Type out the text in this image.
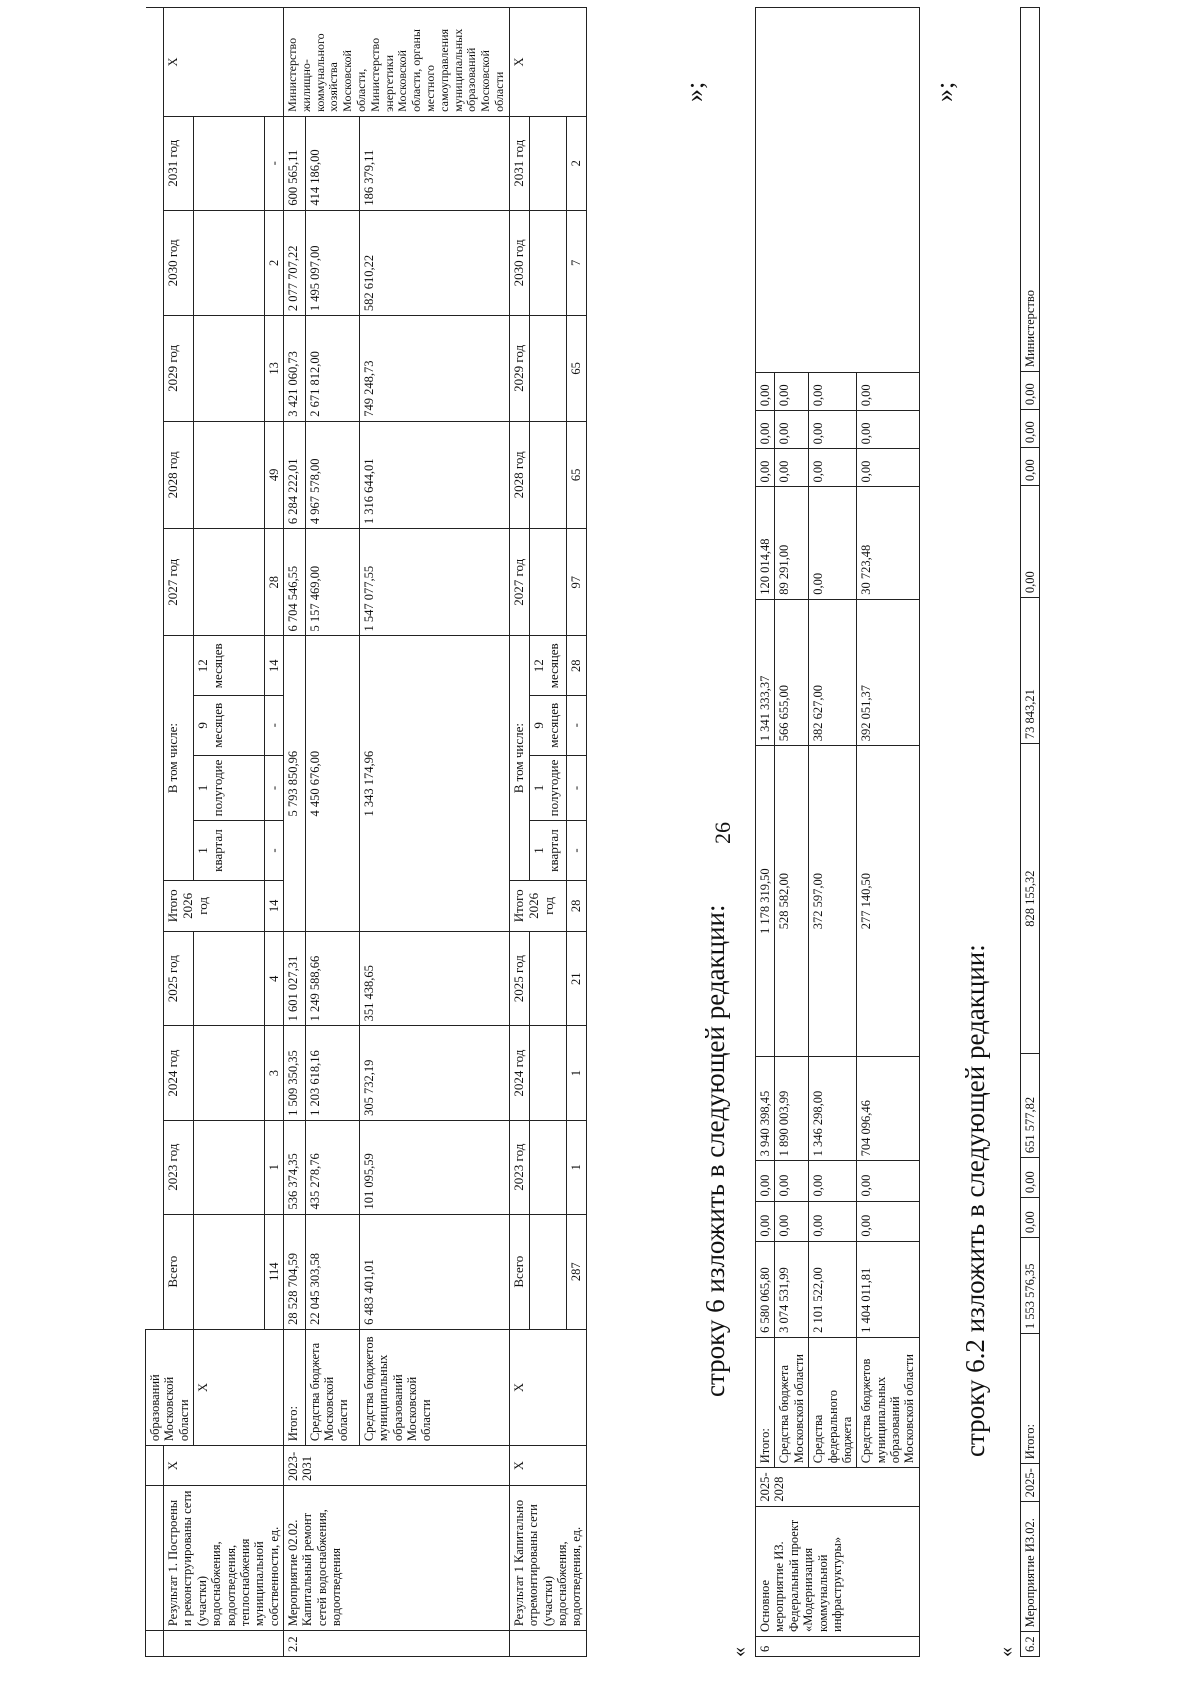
26
			образований Московской области															
	Результат 1. Построены и реконструированы сети (участки) водоснабжения, водоотведения, теплоснабжения муниципальной собственности, ед.	X		Всего	2023 год	2024 год	2025 год	Итого 2026 год	В том числе:				2027 год	2028 год	2029 год	2030 год	2031 год	X
			X						1 квартал	1 полугодие	9 месяцев	12 месяцев						
				114	1	3	4	14	-	-	-	14	28	49	13	2	-	
2.2	Мероприятие 02.02. Капитальный ремонт сетей водоснабжения, водоотведения	2023-2031	Итого:	28 528 704,59	536 374,35	1 509 350,35	1 601 027,31	5 793 850,96					6 704 546,55	6 284 222,01	3 421 060,73	2 077 707,22	600 565,11	Министерство жилищно-коммунального хозяйства Московской области, Министерство энергетики Московской области, органы местного самоуправления муниципальных образований Московской области
			Средства бюджета Московской области	22 045 303,58	435 278,76	1 203 618,16	1 249 588,66	4 450 676,00					5 157 469,00	4 967 578,00	2 671 812,00	1 495 097,00	414 186,00	
			Средства бюджетов муниципальных образований Московской области	6 483 401,01	101 095,59	305 732,19	351 438,65	1 343 174,96					1 547 077,55	1 316 644,01	749 248,73	582 610,22	186 379,11	
	Результат 1 Капитально отремонтированы сети (участки) водоснабжения, водоотведения, ед.	X	X	Всего	2023 год	2024 год	2025 год	Итого 2026 год	В том числе:				2027 год	2028 год	2029 год	2030 год	2031 год	X
									1 квартал	1 полугодие	9 месяцев	12 месяцев						
				287	1	1	21	28	-	-	-	28	97	65	65	7	2	
»;
строку 6 изложить в следующей редакции:
« 6	Основное мероприятие ИЗ. Федеральный проект «Модернизация коммунальной инфраструктуры»	2025-2028	Итого:	6 580 065,80	0,00	0,00	3 940 398,45	1 178 319,50	1 341 333,37	120 014,48	0,00	0,00	0,00	
			Средства бюджета Московской области	3 074 531,99	0,00	0,00	1 890 003,99	528 582,00	566 655,00	89 291,00	0,00	0,00	0,00	
			Средства федерального бюджета	2 101 522,00	0,00	0,00	1 346 298,00	372 597,00	382 627,00	0,00	0,00	0,00	0,00	
			Средства бюджетов муниципальных образований Московской области	1 404 011,81	0,00	0,00	704 096,46	277 140,50	392 051,37	30 723,48	0,00	0,00	0,00	
»;
строку 6.2 изложить в следующей редакции:
« 6.2	Мероприятие ИЗ.02.	2025-	Итого:	1 553 576,35	0,00	0,00	651 577,82	828 155,32	73 843,21	0,00	0,00	0,00	0,00	Министерство
